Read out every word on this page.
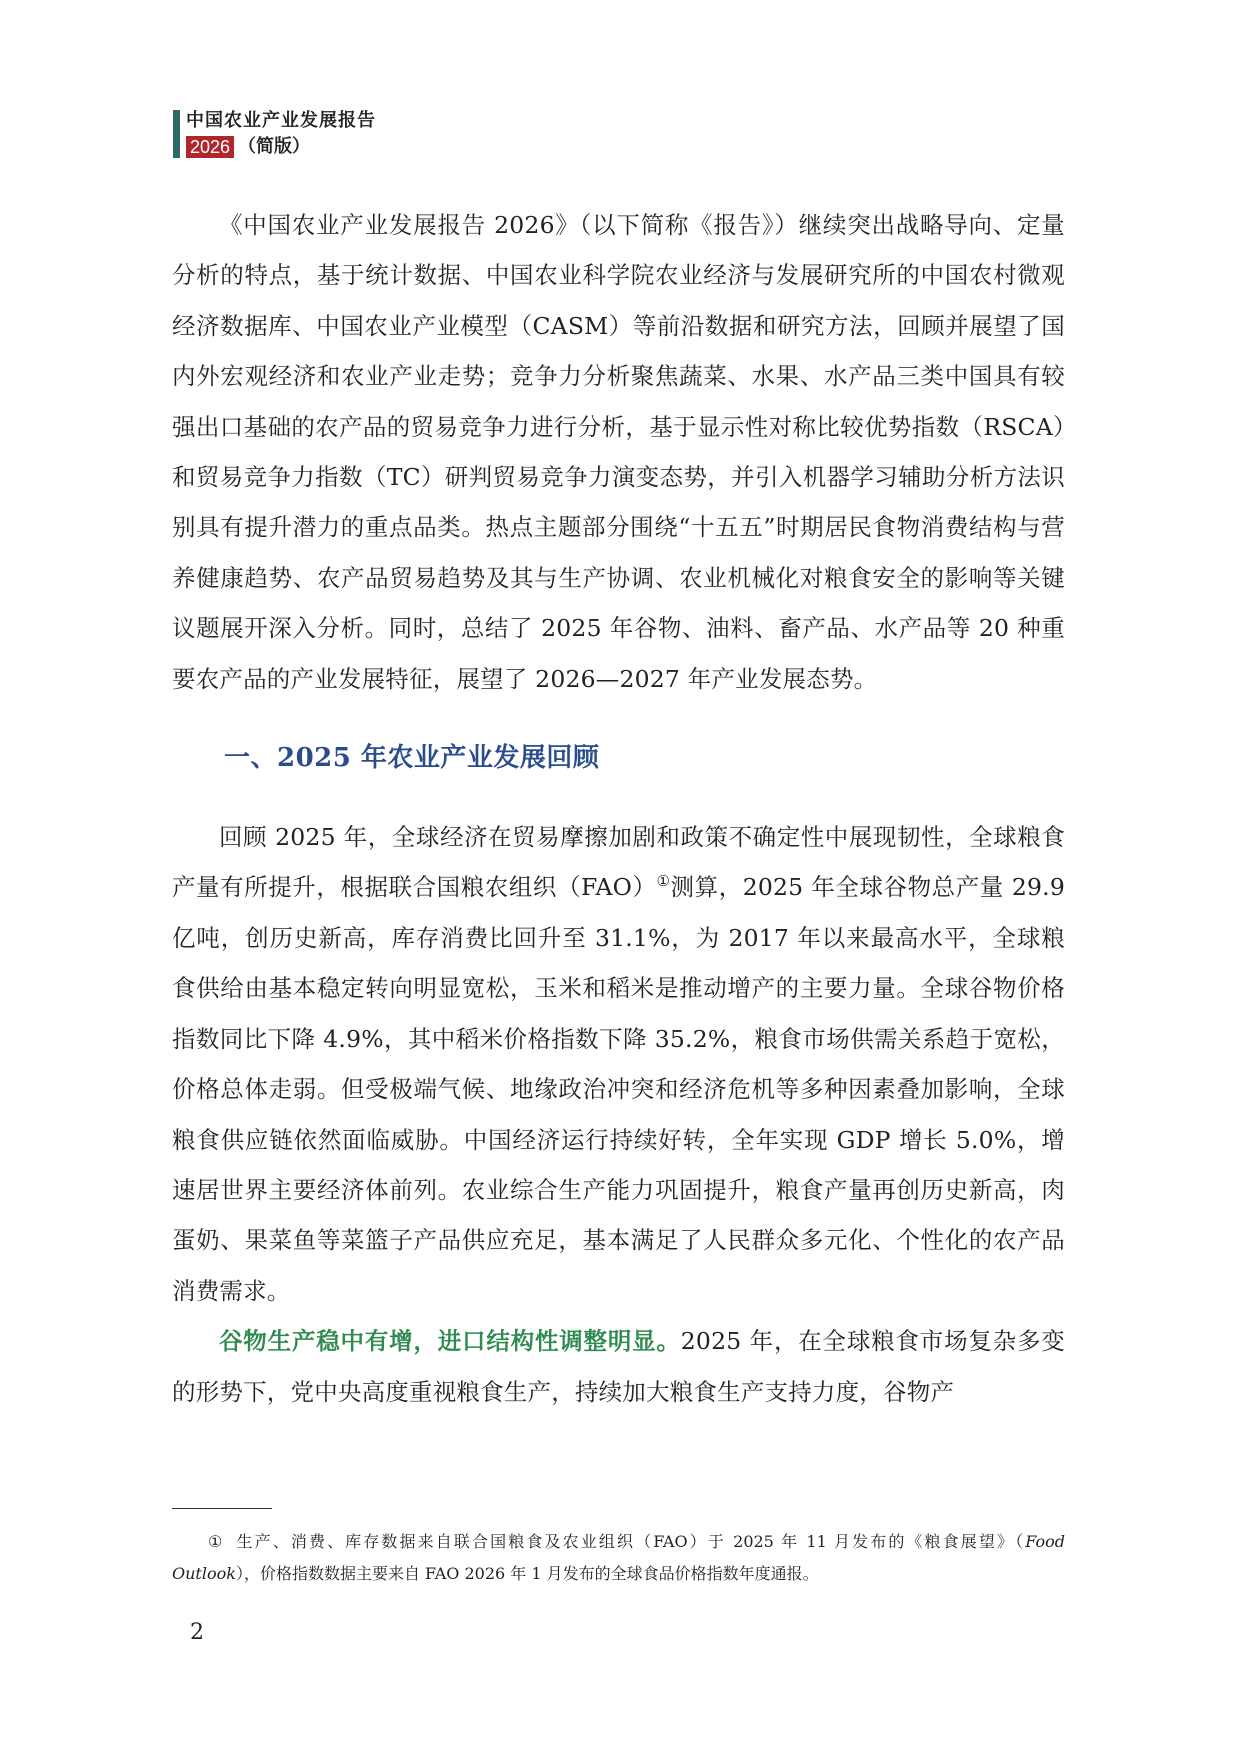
中国农业产业发展报告
2026 （简版）

《中国农业产业发展报告 2026》（以下简称《报告》）继续突出战略导向、定量分析的特点，基于统计数据、中国农业科学院农业经济与发展研究所的中国农村微观经济数据库、中国农业产业模型（CASM）等前沿数据和研究方法，回顾并展望了国内外宏观经济和农业产业走势；竞争力分析聚焦蔬菜、水果、水产品三类中国具有较强出口基础的农产品的贸易竞争力进行分析，基于显示性对称比较优势指数（RSCA）和贸易竞争力指数（TC）研判贸易竞争力演变态势，并引入机器学习辅助分析方法识别具有提升潜力的重点品类。热点主题部分围绕“十五五”时期居民食物消费结构与营养健康趋势、农产品贸易趋势及其与生产协调、农业机械化对粮食安全的影响等关键议题展开深入分析。同时，总结了 2025 年谷物、油料、畜产品、水产品等 20 种重要农产品的产业发展特征，展望了 2026—2027 年产业发展态势。

一、2025 年农业产业发展回顾

回顾 2025 年，全球经济在贸易摩擦加剧和政策不确定性中展现韧性，全球粮食产量有所提升，根据联合国粮农组织（FAO）①测算，2025 年全球谷物总产量 29.9 亿吨，创历史新高，库存消费比回升至 31.1%，为 2017 年以来最高水平，全球粮食供给由基本稳定转向明显宽松，玉米和稻米是推动增产的主要力量。全球谷物价格指数同比下降 4.9%，其中稻米价格指数下降 35.2%，粮食市场供需关系趋于宽松，价格总体走弱。但受极端气候、地缘政治冲突和经济危机等多种因素叠加影响，全球粮食供应链依然面临威胁。中国经济运行持续好转，全年实现 GDP 增长 5.0%，增速居世界主要经济体前列。农业综合生产能力巩固提升，粮食产量再创历史新高，肉蛋奶、果菜鱼等菜篮子产品供应充足，基本满足了人民群众多元化、个性化的农产品消费需求。

谷物生产稳中有增，进口结构性调整明显。2025 年，在全球粮食市场复杂多变的形势下，党中央高度重视粮食生产，持续加大粮食生产支持力度，谷物产

① 生产、消费、库存数据来自联合国粮食及农业组织（FAO）于 2025 年 11 月发布的《粮食展望》（Food Outlook），价格指数数据主要来自 FAO 2026 年 1 月发布的全球食品价格指数年度通报。
2
